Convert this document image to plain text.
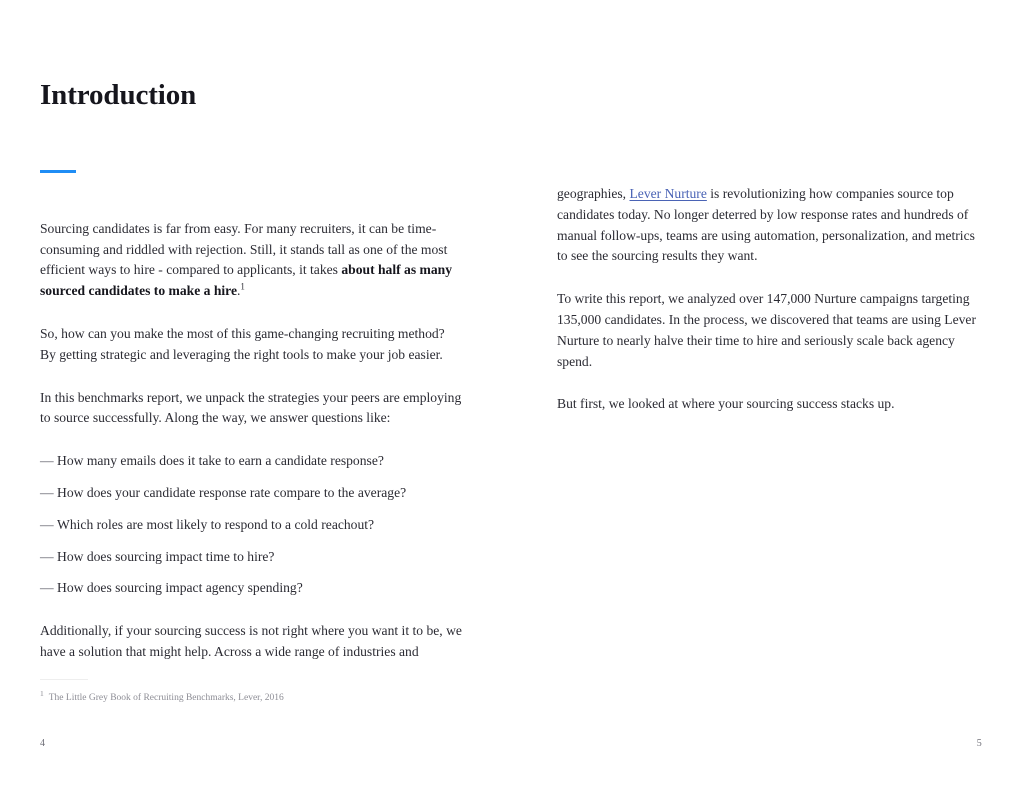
Introduction

Sourcing candidates is far from easy. For many recruiters, it can be time-consuming and riddled with rejection. Still, it stands tall as one of the most efficient ways to hire - compared to applicants, it takes about half as many sourced candidates to make a hire.$^1$

So, how can you make the most of this game-changing recruiting method? By getting strategic and leveraging the right tools to make your job easier.

In this benchmarks report, we unpack the strategies your peers are employing to source successfully. Along the way, we answer questions like:

— How many emails does it take to earn a candidate response?
— How does your candidate response rate compare to the average?
— Which roles are most likely to respond to a cold reachout?
— How does sourcing impact time to hire?
— How does sourcing impact agency spending?

Additionally, if your sourcing success is not right where you want it to be, we have a solution that might help. Across a wide range of industries and

$^1$ The Little Grey Book of Recruiting Benchmarks, Lever, 2016

4

geographies, Lever Nurture is revolutionizing how companies source top candidates today. No longer deterred by low response rates and hundreds of manual follow-ups, teams are using automation, personalization, and metrics to see the sourcing results they want.

To write this report, we analyzed over 147,000 Nurture campaigns targeting 135,000 candidates. In the process, we discovered that teams are using Lever Nurture to nearly halve their time to hire and seriously scale back agency spend.

But first, we looked at where your sourcing success stacks up.

5
